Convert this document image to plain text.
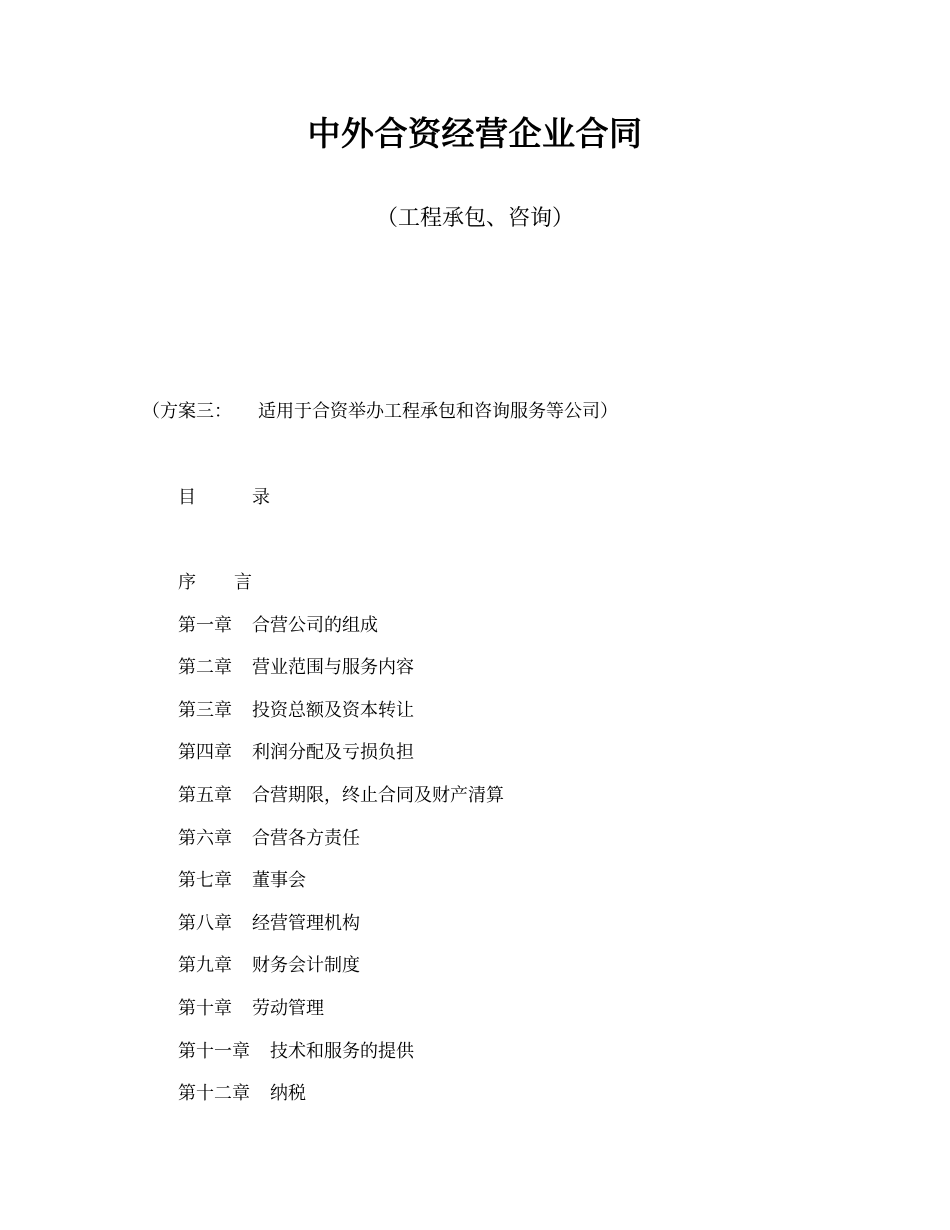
中外合资经营企业合同
（工程承包、咨询）
（方案三： 适用于合资举办工程承包和咨询服务等公司）
目	录
序 言
第一章 合营公司的组成
第二章 营业范围与服务内容
第三章 投资总额及资本转让
第四章 利润分配及亏损负担
第五章 合营期限，终止合同及财产清算
第六章 合营各方责任
第七章 董事会
第八章 经营管理机构
第九章 财务会计制度
第十章 劳动管理
第十一章 技术和服务的提供
第十二章 纳税
